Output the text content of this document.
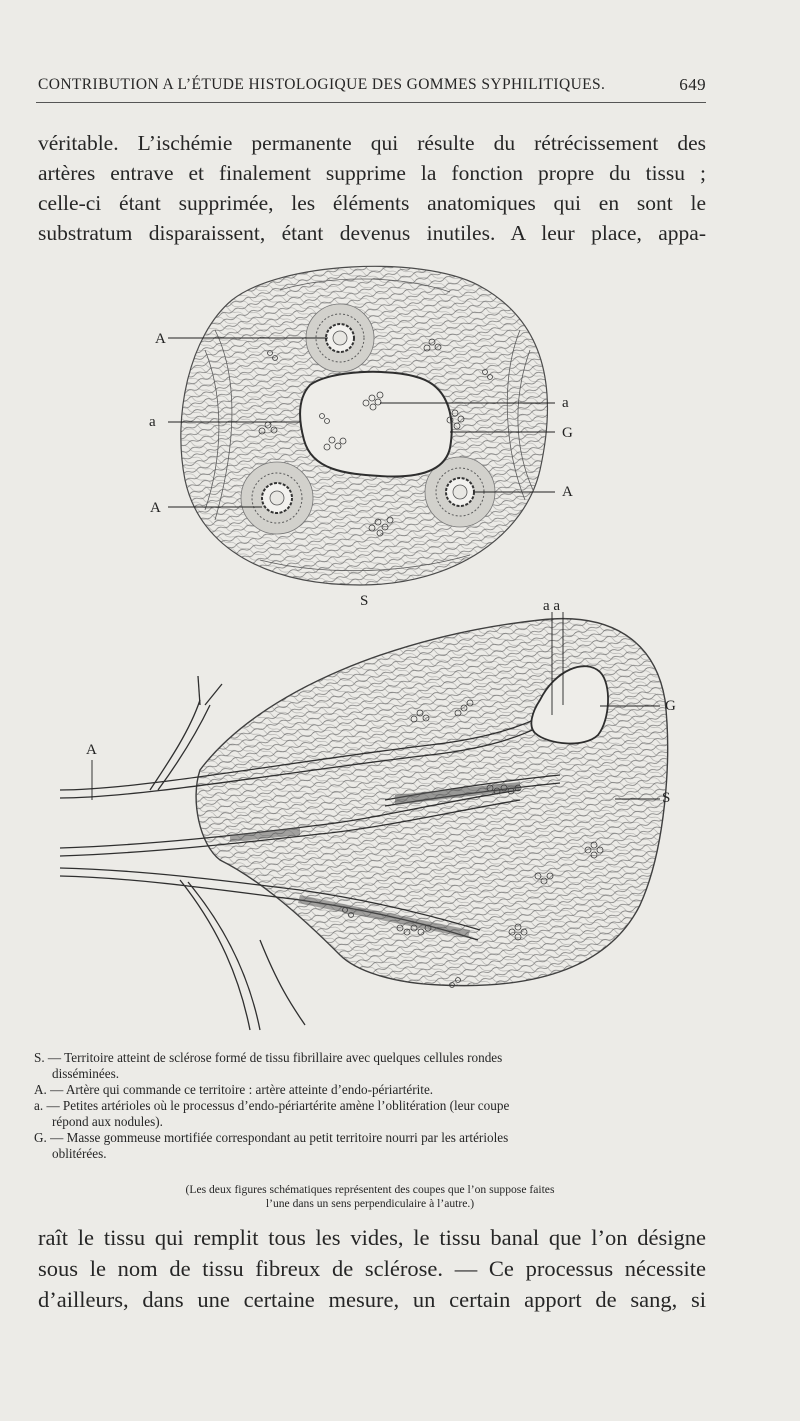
CONTRIBUTION A L’ÉTUDE HISTOLOGIQUE DES GOMMES SYPHILITIQUES.	649
véritable. L’ischémie permanente qui résulte du rétrécissement des
artères entrave et finalement supprime la fonction propre du tissu ;
celle-ci étant supprimée, les éléments anatomiques qui en sont le
substratum disparaissent, étant devenus inutiles. A leur place, appa-
A
a
A
a
G
A
S	a a
G
A
S
S. — Territoire atteint de sclérose formé de tissu fibrillaire avec quelques cellules rondes
disséminées.
A. — Artère qui commande ce territoire : artère atteinte d’endo-périartérite.
a. — Petites artérioles où le processus d’endo-périartérite amène l’oblitération (leur coupe
répond aux nodules).
G. — Masse gommeuse mortifiée correspondant au petit territoire nourri par les artérioles
oblitérées.
(Les deux figures schématiques représentent des coupes que l’on suppose faites
l’une dans un sens perpendiculaire à l’autre.)
raît le tissu qui remplit tous les vides, le tissu banal que l’on désigne
sous le nom de tissu fibreux de sclérose. — Ce processus nécessite
d’ailleurs, dans une certaine mesure, un certain apport de sang, si
